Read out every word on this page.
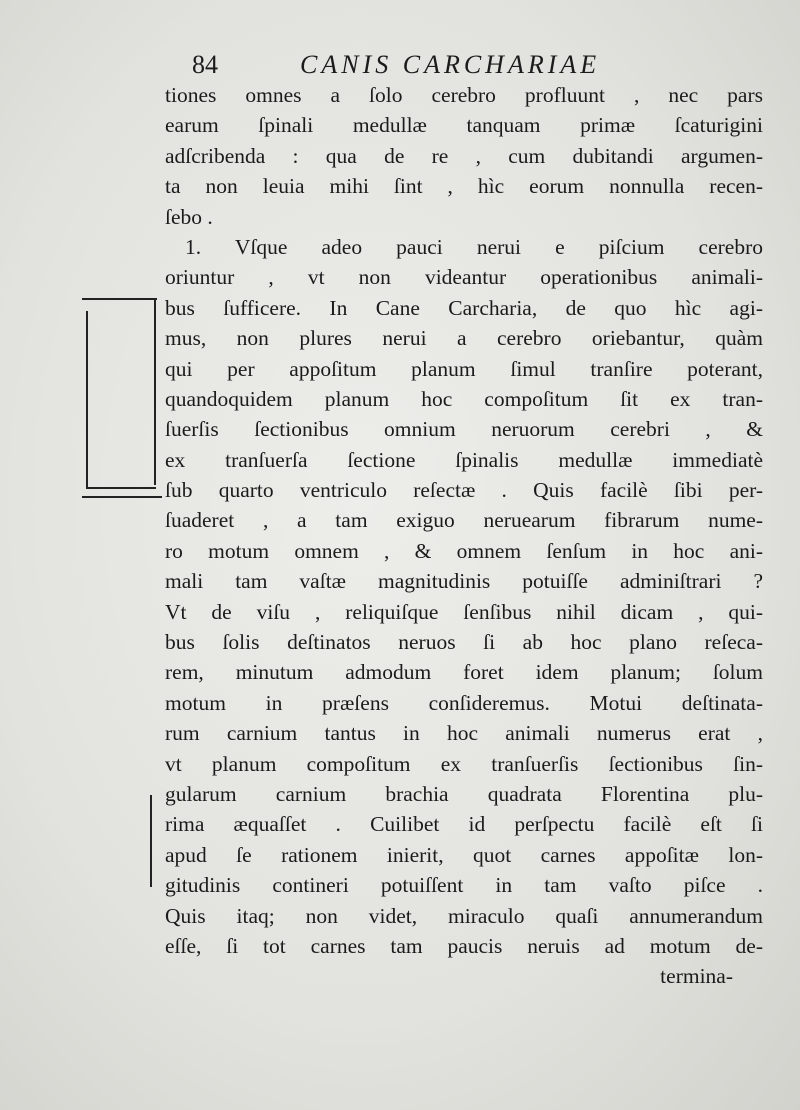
84	CANIS CARCHARIAE
tiones omnes a ſolo cerebro profluunt , nec pars
earum ſpinali medullæ tanquam primæ ſcaturigini
adſcribenda : qua de re , cum dubitandi argumen-
ta non leuia mihi ſint , hìc eorum nonnulla recen-
ſebo .
1. Vſque adeo pauci nerui e piſcium cerebro
oriuntur , vt non videantur operationibus animali-
bus ſufficere. In Cane Carcharia, de quo hìc agi-
mus, non plures nerui a cerebro oriebantur, quàm
qui per appoſitum planum ſimul tranſire poterant,
quandoquidem planum hoc compoſitum ſit ex tran-
ſuerſis ſectionibus omnium neruorum cerebri , &
ex tranſuerſa ſectione ſpinalis medullæ immediatè
ſub quarto ventriculo reſectæ . Quis facilè ſibi per-
ſuaderet , a tam exiguo neruearum fibrarum nume-
ro motum omnem , & omnem ſenſum in hoc ani-
mali tam vaſtæ magnitudinis potuiſſe adminiſtrari ?
Vt de viſu , reliquiſque ſenſibus nihil dicam , qui-
bus ſolis deſtinatos neruos ſi ab hoc plano reſeca-
rem, minutum admodum foret idem planum; ſolum
motum in præſens conſideremus. Motui deſtinata-
rum carnium tantus in hoc animali numerus erat ,
vt planum compoſitum ex tranſuerſis ſectionibus ſin-
gularum carnium brachia quadrata Florentina plu-
rima æquaſſet . Cuilibet id perſpectu facilè eſt ſi
apud ſe rationem inierit, quot carnes appoſitæ lon-
gitudinis contineri potuiſſent in tam vaſto piſce .
Quis itaq; non videt, miraculo quaſi annumerandum
eſſe, ſi tot carnes tam paucis neruis ad motum de-
termina-
